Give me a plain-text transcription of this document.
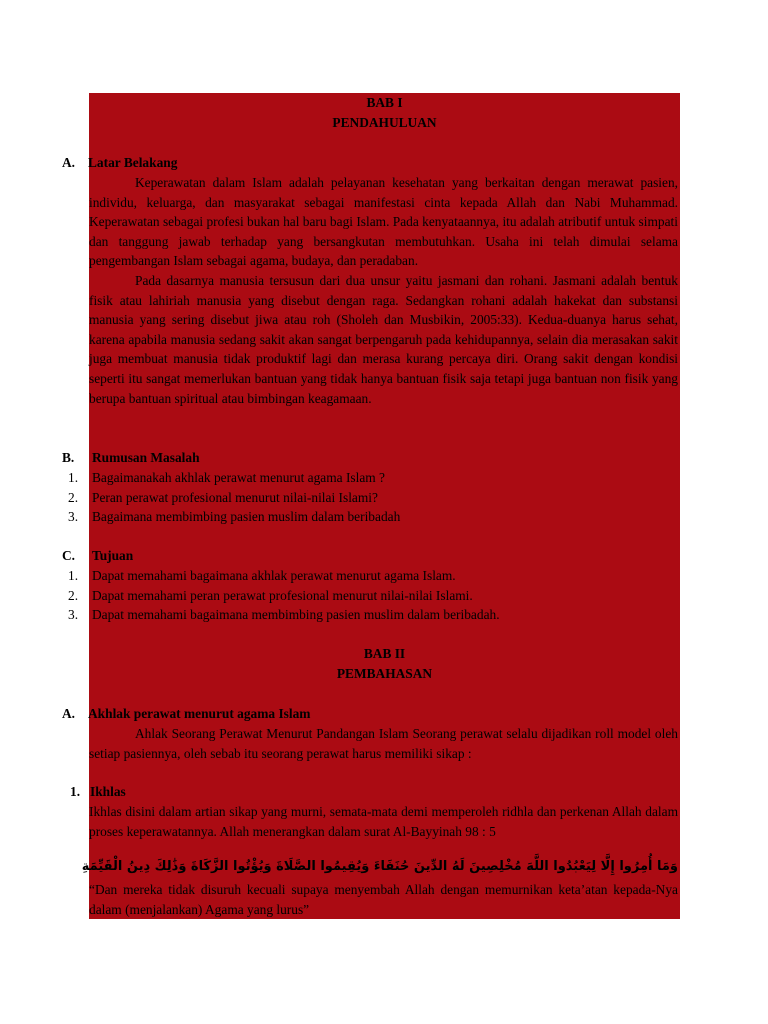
BAB I
PENDAHULUAN
A. Latar Belakang
Keperawatan dalam Islam adalah pelayanan kesehatan yang berkaitan dengan merawat pasien, individu, keluarga, dan masyarakat sebagai manifestasi cinta kepada Allah dan Nabi Muhammad. Keperawatan sebagai profesi bukan hal baru bagi Islam. Pada kenyataannya, itu adalah atributif untuk simpati dan tanggung jawab terhadap yang bersangkutan membutuhkan. Usaha ini telah dimulai selama pengembangan Islam sebagai agama, budaya, dan peradaban.
Pada dasarnya manusia tersusun dari dua unsur yaitu jasmani dan rohani. Jasmani adalah bentuk fisik atau lahiriah manusia yang disebut dengan raga. Sedangkan rohani adalah hakekat dan substansi manusia yang sering disebut jiwa atau roh (Sholeh dan Musbikin, 2005:33). Kedua-duanya harus sehat, karena apabila manusia sedang sakit akan sangat berpengaruh pada kehidupannya, selain dia merasakan sakit juga membuat manusia tidak produktif lagi dan merasa kurang percaya diri. Orang sakit dengan kondisi seperti itu sangat memerlukan bantuan yang tidak hanya bantuan fisik saja tetapi juga bantuan non fisik yang berupa bantuan spiritual atau bimbingan keagamaan.
B. Rumusan Masalah
1. Bagaimanakah akhlak perawat menurut agama Islam ?
2. Peran perawat profesional menurut nilai-nilai Islami?
3. Bagaimana membimbing pasien muslim dalam beribadah
C. Tujuan
1. Dapat memahami bagaimana akhlak perawat menurut agama Islam.
2. Dapat memahami peran perawat profesional menurut nilai-nilai Islami.
3. Dapat memahami bagaimana membimbing pasien muslim dalam beribadah.
BAB II
PEMBAHASAN
A. Akhlak perawat menurut agama Islam
Ahlak Seorang Perawat Menurut Pandangan Islam Seorang perawat selalu dijadikan roll model oleh setiap pasiennya, oleh sebab itu seorang perawat harus memiliki sikap :
1. Ikhlas
Ikhlas disini dalam artian sikap yang murni, semata-mata demi memperoleh ridhla dan perkenan Allah dalam proses keperawatannya. Allah menerangkan dalam surat Al-Bayyinah 98 : 5
وَمَا أُمِرُوا إِلَّا لِيَعْبُدُوا اللَّهَ مُخْلِصِينَ لَهُ الدِّينَ حُنَفَاءَ وَيُقِيمُوا الصَّلَاةَ وَيُؤْتُوا الزَّكَاةَ وَذَٰلِكَ دِينُ الْقَيِّمَةِ
“Dan mereka tidak disuruh kecuali supaya menyembah Allah dengan memurnikan keta’atan kepada-Nya dalam (menjalankan) Agama yang lurus”
